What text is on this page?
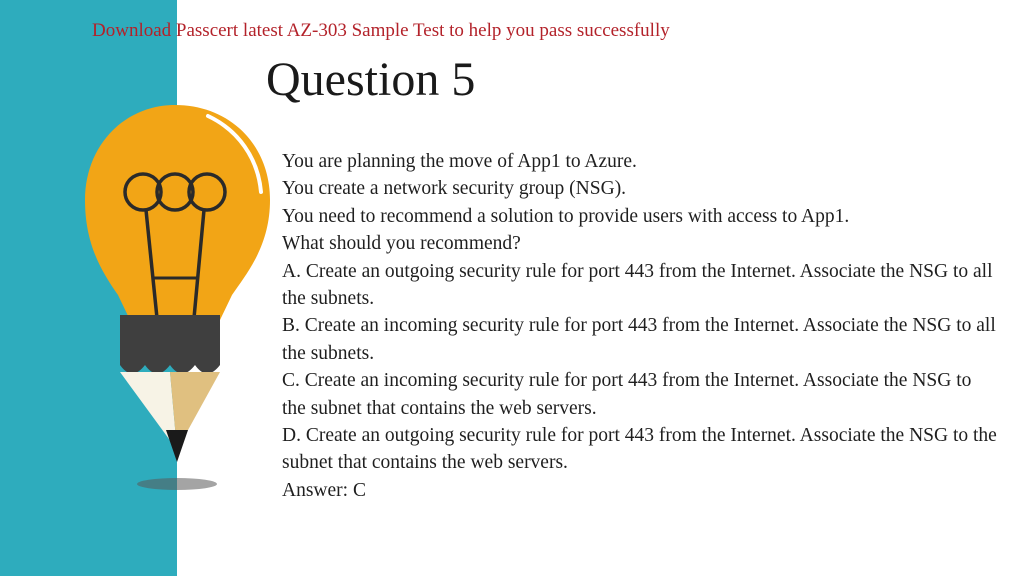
Download Passcert latest AZ-303 Sample Test to help you pass successfully
Question 5

You are planning the move of App1 to Azure.

You create a network security group (NSG).

You need to recommend a solution to provide users with access to App1.

What should you recommend?

A. Create an outgoing security rule for port 443 from the Internet. Associate the NSG to all the subnets.

B. Create an incoming security rule for port 443 from the Internet. Associate the NSG to all the subnets.

C. Create an incoming security rule for port 443 from the Internet. Associate the NSG to the subnet that contains the web servers.

D. Create an outgoing security rule for port 443 from the Internet. Associate the NSG to the subnet that contains the web servers.

Answer: C
